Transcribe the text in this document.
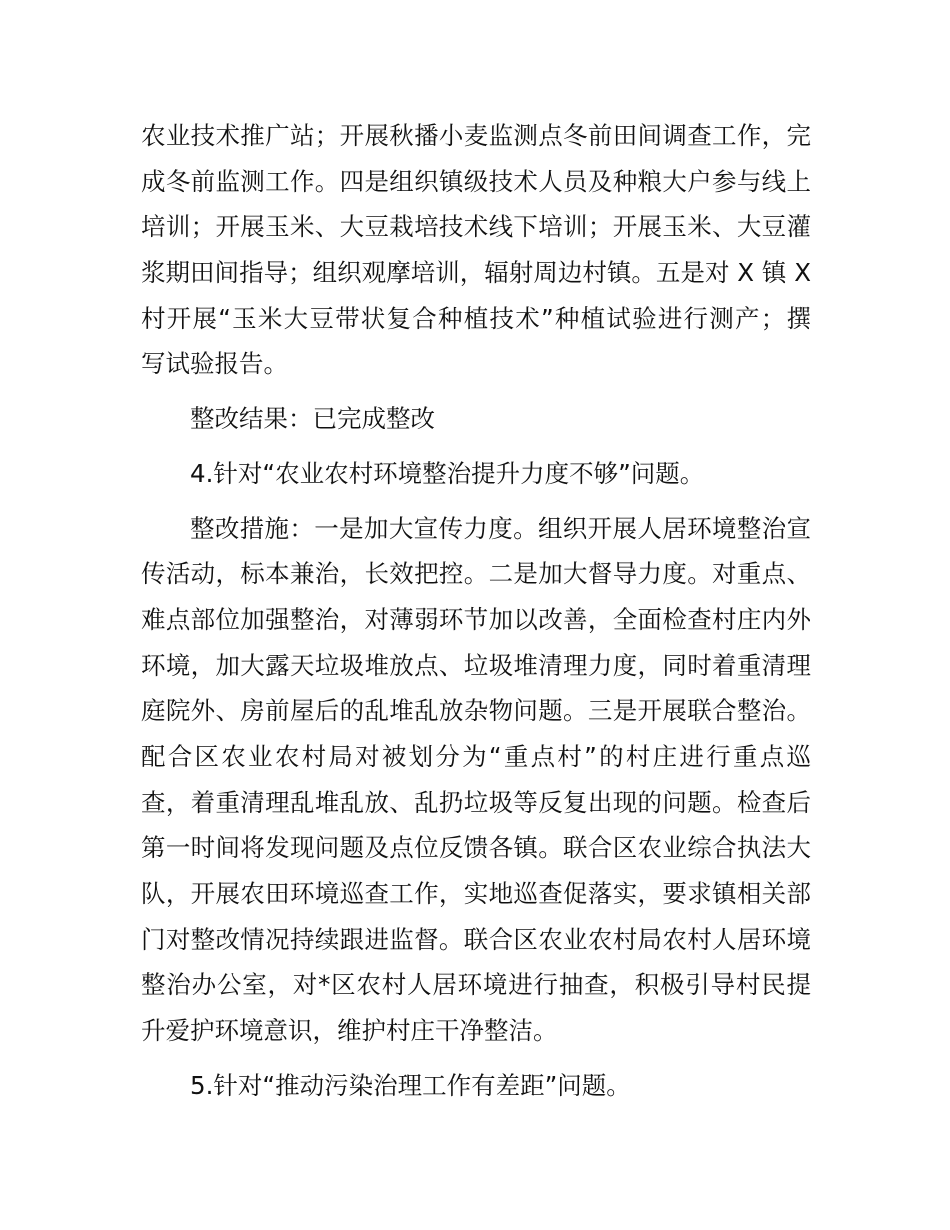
农业技术推广站；开展秋播小麦监测点冬前田间调查工作，完
成冬前监测工作。四是组织镇级技术人员及种粮大户参与线上
培训；开展玉米、大豆栽培技术线下培训；开展玉米、大豆灌
浆期田间指导；组织观摩培训，辐射周边村镇。五是对 X 镇 X
村开展“玉米大豆带状复合种植技术”种植试验进行测产；撰
写试验报告。
整改结果：已完成整改
4.针对“农业农村环境整治提升力度不够”问题。
整改措施：一是加大宣传力度。组织开展人居环境整治宣
传活动，标本兼治，长效把控。二是加大督导力度。对重点、
难点部位加强整治，对薄弱环节加以改善，全面检查村庄内外
环境，加大露天垃圾堆放点、垃圾堆清理力度，同时着重清理
庭院外、房前屋后的乱堆乱放杂物问题。三是开展联合整治。
配合区农业农村局对被划分为“重点村”的村庄进行重点巡
查，着重清理乱堆乱放、乱扔垃圾等反复出现的问题。检查后
第一时间将发现问题及点位反馈各镇。联合区农业综合执法大
队，开展农田环境巡查工作，实地巡查促落实，要求镇相关部
门对整改情况持续跟进监督。联合区农业农村局农村人居环境
整治办公室，对*区农村人居环境进行抽查，积极引导村民提
升爱护环境意识，维护村庄干净整洁。
5.针对“推动污染治理工作有差距”问题。
